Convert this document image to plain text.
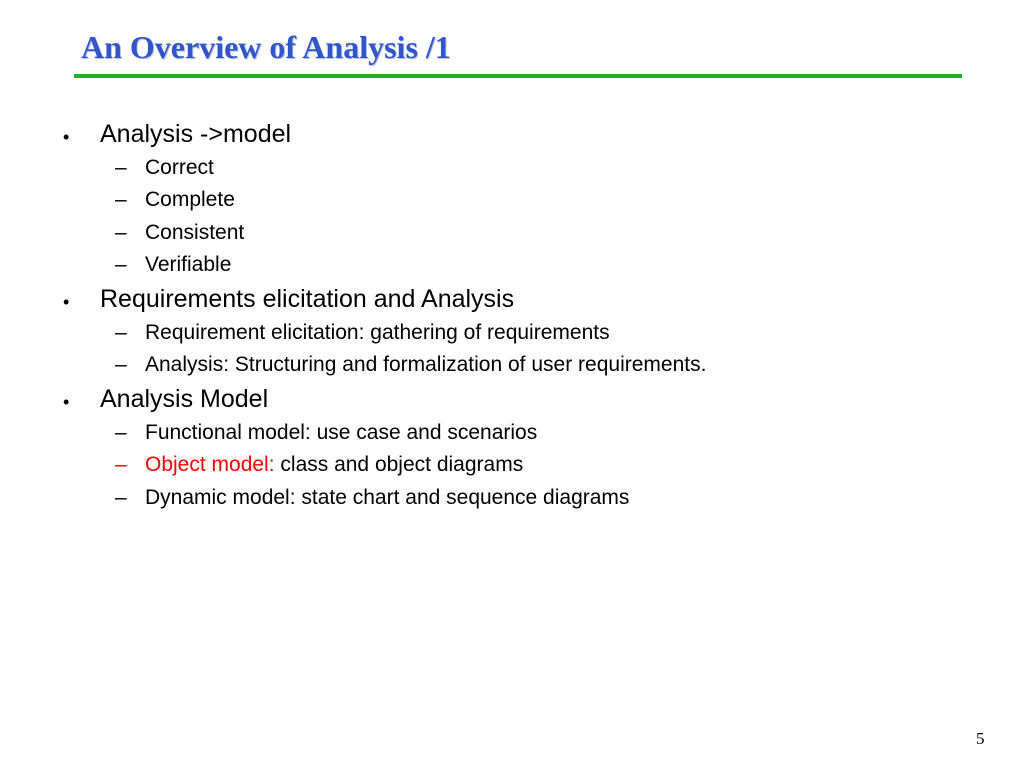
An Overview of Analysis /1
• Analysis ->model
– Correct
– Complete
– Consistent
– Verifiable
• Requirements elicitation and Analysis
– Requirement elicitation: gathering of requirements
– Analysis: Structuring and formalization of user requirements.
• Analysis Model
– Functional model: use case and scenarios
– Object model: class and object diagrams
– Dynamic model: state chart and sequence diagrams
5
